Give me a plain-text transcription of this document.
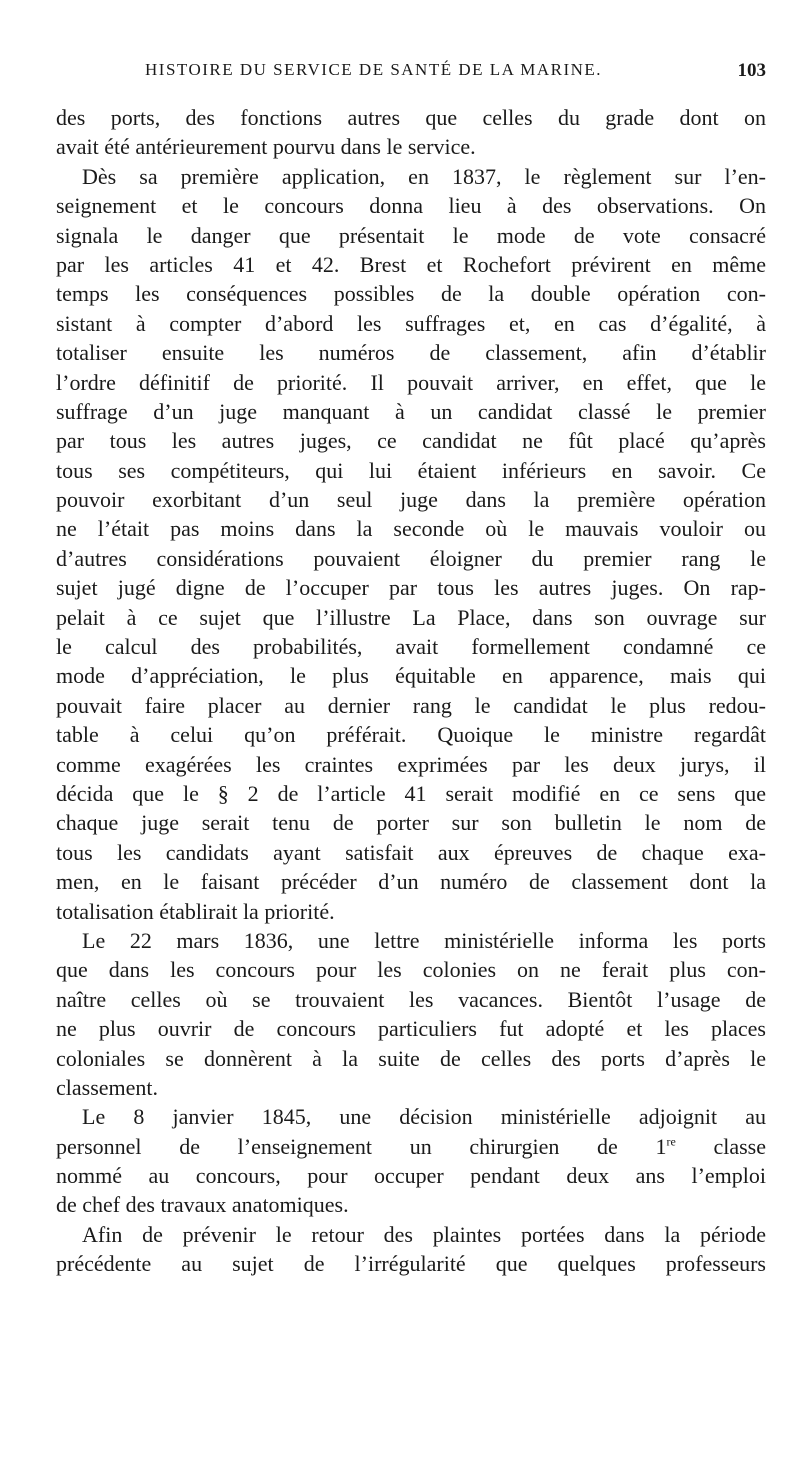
HISTOIRE DU SERVICE DE SANTÉ DE LA MARINE.	103
des ports, des fonctions autres que celles du grade dont on
avait été antérieurement pourvu dans le service.
Dès sa première application, en 1837, le règlement sur l’en-
seignement et le concours donna lieu à des observations. On
signala le danger que présentait le mode de vote consacré
par les articles 41 et 42. Brest et Rochefort prévirent en même
temps les conséquences possibles de la double opération con-
sistant à compter d’abord les suffrages et, en cas d’égalité, à
totaliser ensuite les numéros de classement, afin d’établir
l’ordre définitif de priorité. Il pouvait arriver, en effet, que le
suffrage d’un juge manquant à un candidat classé le premier
par tous les autres juges, ce candidat ne fût placé qu’après
tous ses compétiteurs, qui lui étaient inférieurs en savoir. Ce
pouvoir exorbitant d’un seul juge dans la première opération
ne l’était pas moins dans la seconde où le mauvais vouloir ou
d’autres considérations pouvaient éloigner du premier rang le
sujet jugé digne de l’occuper par tous les autres juges. On rap-
pelait à ce sujet que l’illustre La Place, dans son ouvrage sur
le calcul des probabilités, avait formellement condamné ce
mode d’appréciation, le plus équitable en apparence, mais qui
pouvait faire placer au dernier rang le candidat le plus redou-
table à celui qu’on préférait. Quoique le ministre regardât
comme exagérées les craintes exprimées par les deux jurys, il
décida que le § 2 de l’article 41 serait modifié en ce sens que
chaque juge serait tenu de porter sur son bulletin le nom de
tous les candidats ayant satisfait aux épreuves de chaque exa-
men, en le faisant précéder d’un numéro de classement dont la
totalisation établirait la priorité.
Le 22 mars 1836, une lettre ministérielle informa les ports
que dans les concours pour les colonies on ne ferait plus con-
naître celles où se trouvaient les vacances. Bientôt l’usage de
ne plus ouvrir de concours particuliers fut adopté et les places
coloniales se donnèrent à la suite de celles des ports d’après le
classement.
Le 8 janvier 1845, une décision ministérielle adjoignit au
personnel de l’enseignement un chirurgien de 1re classe
nommé au concours, pour occuper pendant deux ans l’emploi
de chef des travaux anatomiques.
Afin de prévenir le retour des plaintes portées dans la période
précédente au sujet de l’irrégularité que quelques professeurs
